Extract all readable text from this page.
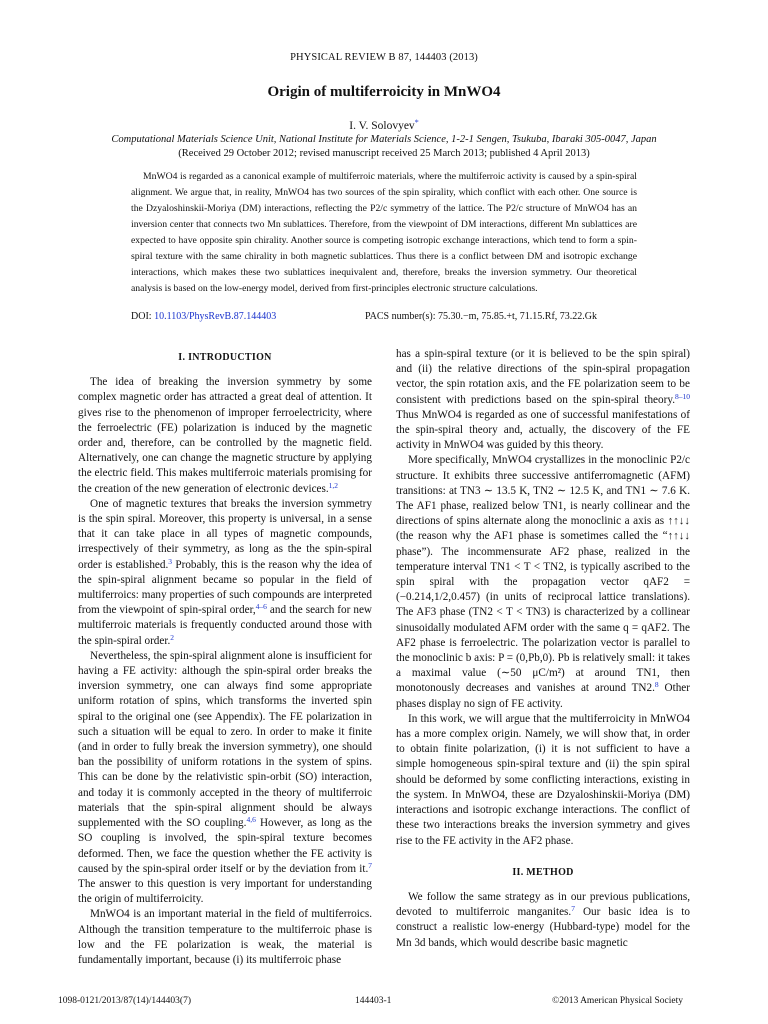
PHYSICAL REVIEW B 87, 144403 (2013)
Origin of multiferroicity in MnWO4
I. V. Solovyev*
Computational Materials Science Unit, National Institute for Materials Science, 1-2-1 Sengen, Tsukuba, Ibaraki 305-0047, Japan
(Received 29 October 2012; revised manuscript received 25 March 2013; published 4 April 2013)

MnWO4 is regarded as a canonical example of multiferroic materials, where the multiferroic activity is caused by a spin-spiral alignment. We argue that, in reality, MnWO4 has two sources of the spin spirality, which conflict with each other. One source is the Dzyaloshinskii-Moriya (DM) interactions, reflecting the P2/c symmetry of the lattice. The P2/c structure of MnWO4 has an inversion center that connects two Mn sublattices. Therefore, from the viewpoint of DM interactions, different Mn sublattices are expected to have opposite spin chirality. Another source is competing isotropic exchange interactions, which tend to form a spin-spiral texture with the same chirality in both magnetic sublattices. Thus there is a conflict between DM and isotropic exchange interactions, which makes these two sublattices inequivalent and, therefore, breaks the inversion symmetry. Our theoretical analysis is based on the low-energy model, derived from first-principles electronic structure calculations.

DOI: 10.1103/PhysRevB.87.144403	PACS number(s): 75.30.−m, 75.85.+t, 71.15.Rf, 73.22.Gk
I. INTRODUCTION

The idea of breaking the inversion symmetry by some complex magnetic order has attracted a great deal of attention. It gives rise to the phenomenon of improper ferroelectricity, where the ferroelectric (FE) polarization is induced by the magnetic order and, therefore, can be controlled by the magnetic field. Alternatively, one can change the magnetic structure by applying the electric field. This makes multiferroic materials promising for the creation of the new generation of electronic devices.$^{1,2}$

One of magnetic textures that breaks the inversion symmetry is the spin spiral. Moreover, this property is universal, in a sense that it can take place in all types of magnetic compounds, irrespectively of their symmetry, as long as the the spin-spiral order is established.$^3$ Probably, this is the reason why the idea of the spin-spiral alignment became so popular in the field of multiferroics: many properties of such compounds are interpreted from the viewpoint of spin-spiral order,$^{4-6}$ and the search for new multiferroic materials is frequently conducted around those with the spin-spiral order.$^2$

Nevertheless, the spin-spiral alignment alone is insufficient for having a FE activity: although the spin-spiral order breaks the inversion symmetry, one can always find some appropriate uniform rotation of spins, which transforms the inverted spin spiral to the original one (see Appendix). The FE polarization in such a situation will be equal to zero. In order to make it finite (and in order to fully break the inversion symmetry), one should ban the possibility of uniform rotations in the system of spins. This can be done by the relativistic spin-orbit (SO) interaction, and today it is commonly accepted in the theory of multiferroic materials that the spin-spiral alignment should be always supplemented with the SO coupling.$^{4,6}$ However, as long as the SO coupling is involved, the spin-spiral texture becomes deformed. Then, we face the question whether the FE activity is caused by the spin-spiral order itself or by the deviation from it.$^7$ The answer to this question is very important for understanding the origin of multiferroicity.

MnWO4 is an important material in the field of multiferroics. Although the transition temperature to the multiferroic phase is low and the FE polarization is weak, the material is fundamentally important, because (i) its multiferroic phase

has a spin-spiral texture (or it is believed to be the spin spiral) and (ii) the relative directions of the spin-spiral propagation vector, the spin rotation axis, and the FE polarization seem to be consistent with predictions based on the spin-spiral theory.$^{8-10}$ Thus MnWO4 is regarded as one of successful manifestations of the spin-spiral theory and, actually, the discovery of the FE activity in MnWO4 was guided by this theory.

More specifically, MnWO4 crystallizes in the monoclinic P2/c structure. It exhibits three successive antiferromagnetic (AFM) transitions: at TN3 ∼ 13.5 K, TN2 ∼ 12.5 K, and TN1 ∼ 7.6 K. The AF1 phase, realized below TN1, is nearly collinear and the directions of spins alternate along the monoclinic a axis as ↑↑↓↓ (the reason why the AF1 phase is sometimes called the “↑↑↓↓ phase”). The incommensurate AF2 phase, realized in the temperature interval TN1 < T < TN2, is typically ascribed to the spin spiral with the propagation vector qAF2 = (−0.214,1/2,0.457) (in units of reciprocal lattice translations). The AF3 phase (TN2 < T < TN3) is characterized by a collinear sinusoidally modulated AFM order with the same q = qAF2. The AF2 phase is ferroelectric. The polarization vector is parallel to the monoclinic b axis: P = (0,Pb,0). Pb is relatively small: it takes a maximal value (∼50 μC/m²) at around TN1, then monotonously decreases and vanishes at around TN2.$^8$ Other phases display no sign of FE activity.

In this work, we will argue that the multiferroicity in MnWO4 has a more complex origin. Namely, we will show that, in order to obtain finite polarization, (i) it is not sufficient to have a simple homogeneous spin-spiral texture and (ii) the spin spiral should be deformed by some conflicting interactions, existing in the system. In MnWO4, these are Dzyaloshinskii-Moriya (DM) interactions and isotropic exchange interactions. The conflict of these two interactions breaks the inversion symmetry and gives rise to the FE activity in the AF2 phase.

II. METHOD

We follow the same strategy as in our previous publications, devoted to multiferroic manganites.$^7$ Our basic idea is to construct a realistic low-energy (Hubbard-type) model for the Mn 3d bands, which would describe basic magnetic

1098-0121/2013/87(14)/144403(7)	144403-1	©2013 American Physical Society
